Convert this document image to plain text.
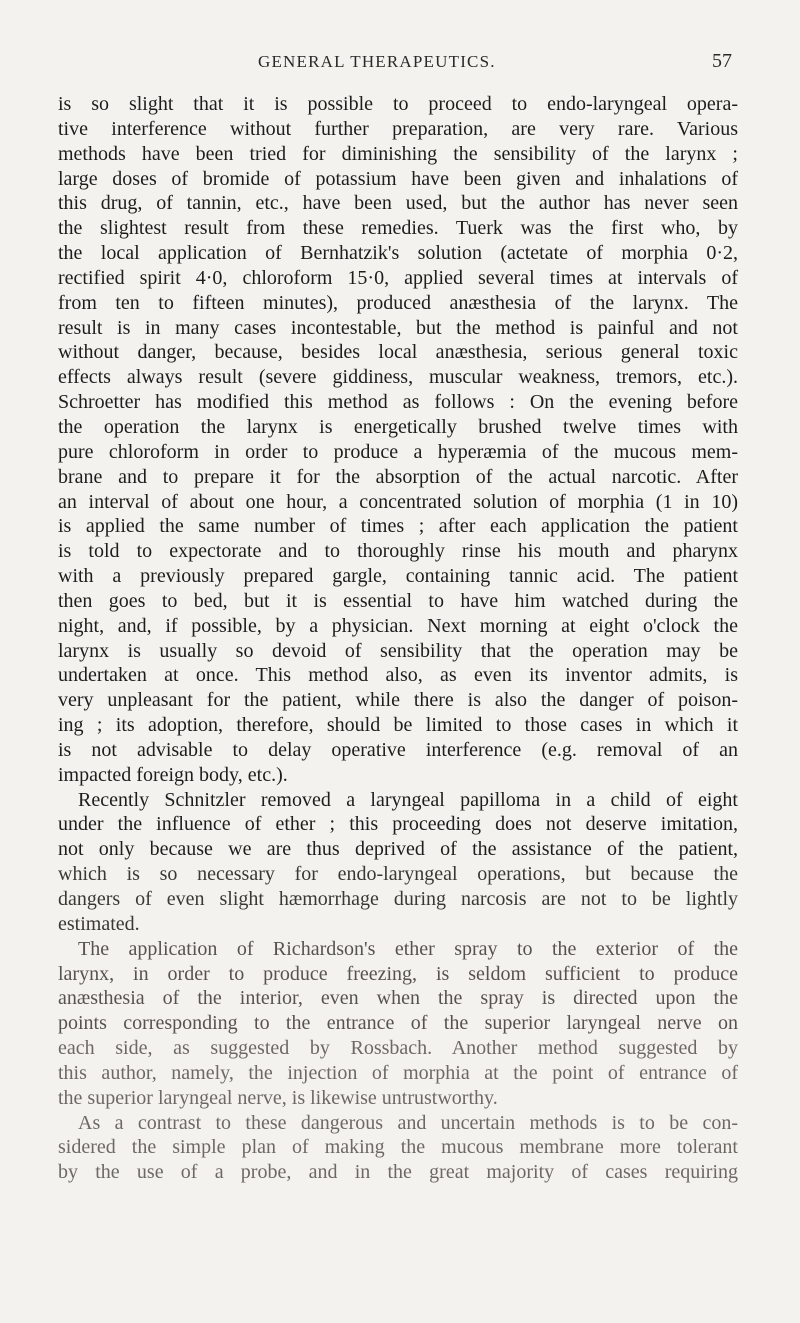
GENERAL THERAPEUTICS.	57
is so slight that it is possible to proceed to endo-laryngeal opera-
tive interference without further preparation, are very rare. Various
methods have been tried for diminishing the sensibility of the larynx ;
large doses of bromide of potassium have been given and inhalations of
this drug, of tannin, etc., have been used, but the author has never seen
the slightest result from these remedies. Tuerk was the first who, by
the local application of Bernhatzik's solution (actetate of morphia 0·2,
rectified spirit 4·0, chloroform 15·0, applied several times at intervals of
from ten to fifteen minutes), produced anæsthesia of the larynx. The
result is in many cases incontestable, but the method is painful and not
without danger, because, besides local anæsthesia, serious general toxic
effects always result (severe giddiness, muscular weakness, tremors, etc.).
Schroetter has modified this method as follows : On the evening before
the operation the larynx is energetically brushed twelve times with
pure chloroform in order to produce a hyperæmia of the mucous mem-
brane and to prepare it for the absorption of the actual narcotic. After
an interval of about one hour, a concentrated solution of morphia (1 in 10)
is applied the same number of times ; after each application the patient
is told to expectorate and to thoroughly rinse his mouth and pharynx
with a previously prepared gargle, containing tannic acid. The patient
then goes to bed, but it is essential to have him watched during the
night, and, if possible, by a physician. Next morning at eight o'clock the
larynx is usually so devoid of sensibility that the operation may be
undertaken at once. This method also, as even its inventor admits, is
very unpleasant for the patient, while there is also the danger of poison-
ing ; its adoption, therefore, should be limited to those cases in which it
is not advisable to delay operative interference (e.g. removal of an
impacted foreign body, etc.).
Recently Schnitzler removed a laryngeal papilloma in a child of eight
under the influence of ether ; this proceeding does not deserve imitation,
not only because we are thus deprived of the assistance of the patient,
which is so necessary for endo-laryngeal operations, but because the
dangers of even slight hæmorrhage during narcosis are not to be lightly
estimated.
The application of Richardson's ether spray to the exterior of the
larynx, in order to produce freezing, is seldom sufficient to produce
anæsthesia of the interior, even when the spray is directed upon the
points corresponding to the entrance of the superior laryngeal nerve on
each side, as suggested by Rossbach. Another method suggested by
this author, namely, the injection of morphia at the point of entrance of
the superior laryngeal nerve, is likewise untrustworthy.
As a contrast to these dangerous and uncertain methods is to be con-
sidered the simple plan of making the mucous membrane more tolerant
by the use of a probe, and in the great majority of cases requiring
